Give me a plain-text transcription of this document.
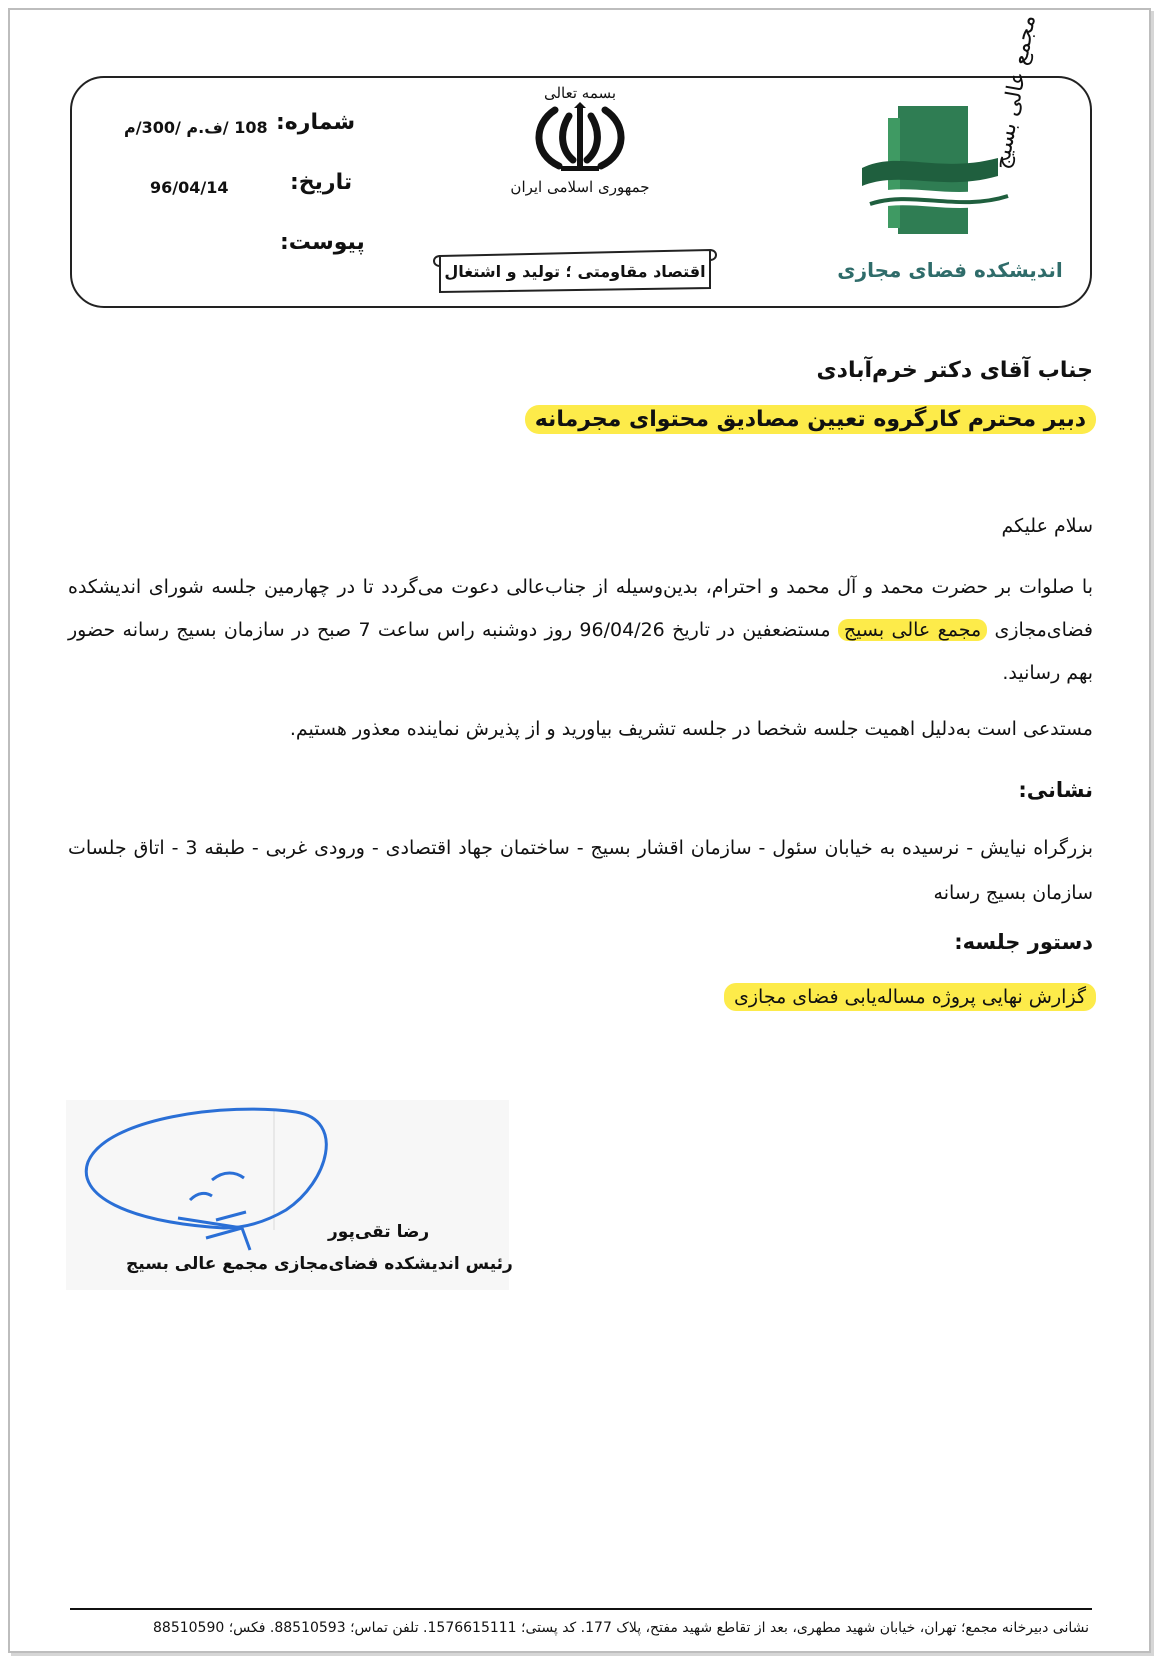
شماره:
108 /ف.م /300/م
تاریخ:
96/04/14
پیوست:
بسمه تعالی
جمهوری اسلامی ایران
اقتصاد مقاومتی ؛ تولید و اشتغال
مجمع عالی بسیج
اندیشکده فضای مجازی
جناب آقای دکتر خرم‌آبادی
دبیر محترم کارگروه تعیین مصادیق محتوای مجرمانه
سلام علیکم
با صلوات بر حضرت محمد و آل محمد و احترام، بدین‌وسیله از جناب‌عالی دعوت می‌گردد تا در چهارمین جلسه شورای اندیشکده فضای‌مجازی مجمع عالی بسیج مستضعفین در تاریخ 96/04/26 روز دوشنبه راس ساعت 7 صبح در سازمان بسیج رسانه حضور بهم رسانید.
مستدعی است به‌دلیل اهمیت جلسه شخصا در جلسه تشریف بیاورید و از پذیرش نماینده معذور هستیم.
نشانی:
بزرگراه نیایش - نرسیده به خیابان سئول - سازمان اقشار بسیج - ساختمان جهاد اقتصادی - ورودی غربی - طبقه 3 - اتاق جلسات سازمان بسیج رسانه
دستور جلسه:
گزارش نهایی پروژه مساله‌یابی فضای مجازی
رضا تقی‌پور
رئیس اندیشکده فضای‌مجازی مجمع عالی بسیج
نشانی دبیرخانه مجمع؛ تهران، خیابان شهید مطهری، بعد از تقاطع شهید مفتح، پلاک 177. کد پستی؛ 1576615111. تلفن تماس؛ 88510593. فکس؛ 88510590
